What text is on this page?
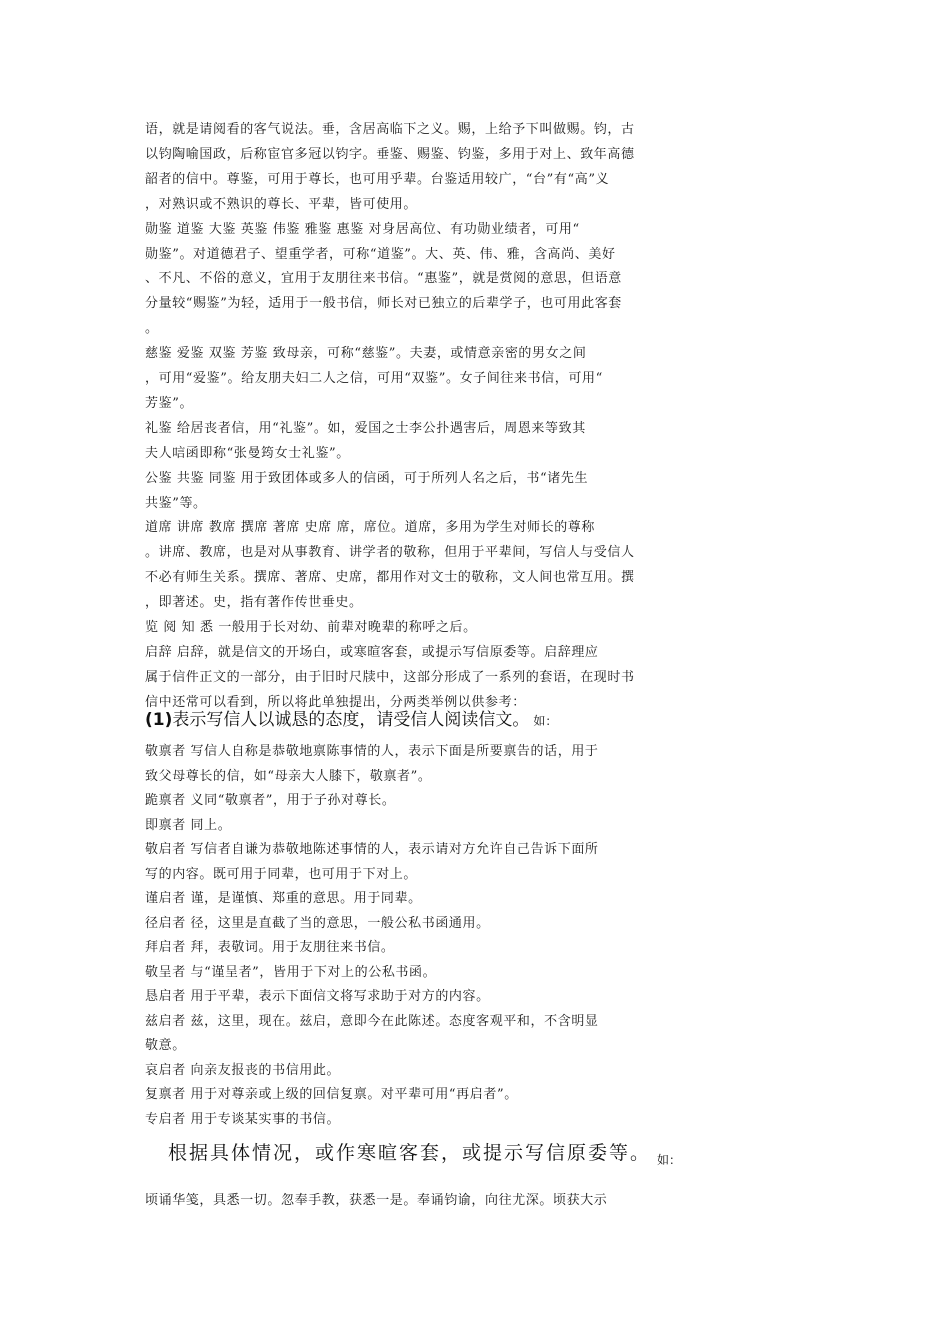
语，就是请阅看的客气说法。垂，含居高临下之义。赐，上给予下叫做赐。钧，古
以钧陶喻国政，后称宦官多冠以钧字。垂鉴、赐鉴、钧鉴，多用于对上、致年高德
韶者的信中。尊鉴，可用于尊长，也可用乎辈。台鉴适用较广，“台”有“高”义
，对熟识或不熟识的尊长、平辈，皆可使用。
勋鉴 道鉴 大鉴 英鉴 伟鉴 雅鉴 惠鉴 对身居高位、有功勋业绩者，可用“
勋鉴”。对道德君子、望重学者，可称“道鉴”。大、英、伟、雅，含高尚、美好
、不凡、不俗的意义，宜用于友朋往来书信。“惠鉴”，就是赏阅的意思，但语意
分量较“赐鉴”为轻，适用于一般书信，师长对已独立的后辈学子，也可用此客套
。
慈鉴 爱鉴 双鉴 芳鉴 致母亲，可称“慈鉴”。夫妻，或情意亲密的男女之间
，可用“爱鉴”。给友朋夫妇二人之信，可用“双鉴”。女子间往来书信，可用“
芳鉴”。
礼鉴 给居丧者信，用“礼鉴”。如，爱国之士李公扑遇害后，周恩来等致其
夫人唁函即称“张曼筠女士礼鉴”。
公鉴 共鉴 同鉴 用于致团体或多人的信函，可于所列人名之后，书“诸先生
共鉴”等。
道席 讲席 教席 撰席 著席 史席 席，席位。道席，多用为学生对师长的尊称
。讲席、教席，也是对从事教育、讲学者的敬称，但用于平辈间，写信人与受信人
不必有师生关系。撰席、著席、史席，都用作对文士的敬称，文人间也常互用。撰
，即著述。史，指有著作传世垂史。
览 阅 知 悉 一般用于长对幼、前辈对晚辈的称呼之后。
启辞 启辞，就是信文的开场白，或寒暄客套，或提示写信原委等。启辞理应
属于信件正文的一部分，由于旧时尺牍中，这部分形成了一系列的套语，在现时书
信中还常可以看到，所以将此单独提出，分两类举例以供参考：
(1)表示写信人以诚恳的态度，请受信人阅读信文。 如：
敬禀者 写信人自称是恭敬地禀陈事情的人，表示下面是所要禀告的话，用于
致父母尊长的信，如“母亲大人膝下，敬禀者”。
跪禀者 义同“敬禀者”，用于子孙对尊长。
即禀者 同上。
敬启者 写信者自谦为恭敬地陈述事情的人，表示请对方允许自己告诉下面所
写的内容。既可用于同辈，也可用于下对上。
谨启者 谨，是谨慎、郑重的意思。用于同辈。
径启者 径，这里是直截了当的意思，一般公私书函通用。
拜启者 拜，表敬词。用于友朋往来书信。
敬呈者 与“谨呈者”，皆用于下对上的公私书函。
恳启者 用于平辈，表示下面信文将写求助于对方的内容。
兹启者 兹，这里，现在。兹启，意即今在此陈述。态度客观平和，不含明显
敬意。
哀启者 向亲友报丧的书信用此。
复禀者 用于对尊亲或上级的回信复禀。对平辈可用“再启者”。
专启者 用于专谈某实事的书信。
根据具体情况，或作寒暄客套，或提示写信原委等。 $_{如:}$
顷诵华笺，具悉一切。忽奉手教，获悉一是。奉诵钧谕，向往尤深。顷获大示
